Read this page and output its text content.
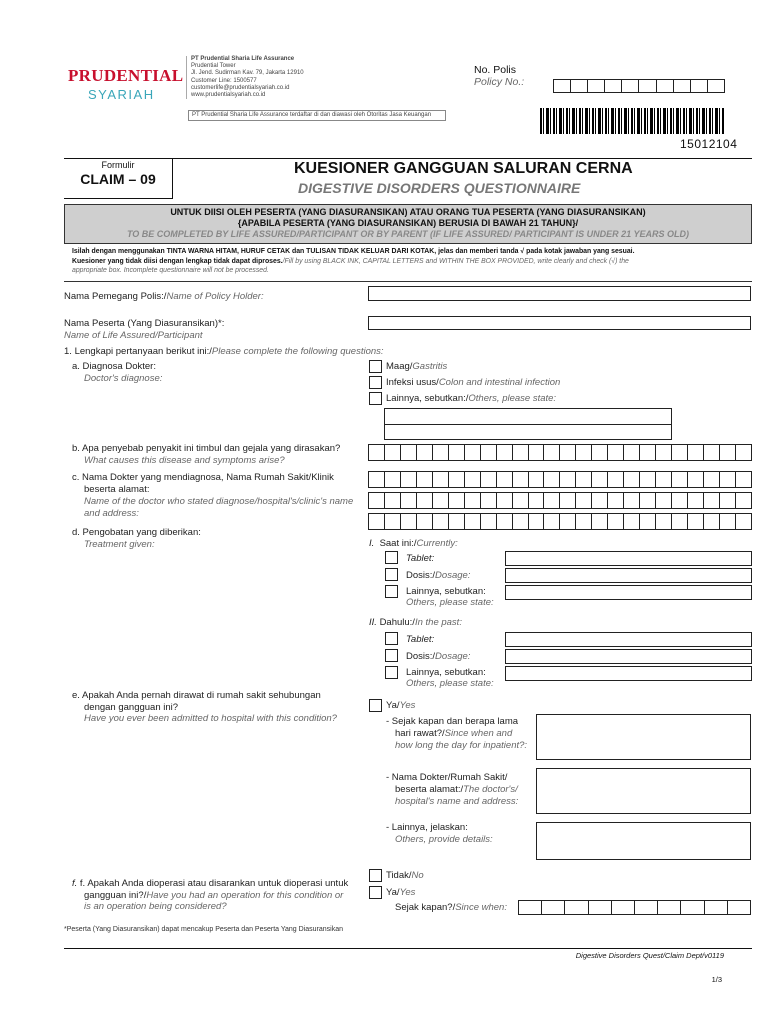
PRUDENTIAL
SYARIAH
PT Prudential Sharia Life Assurance
Prudential Tower
Jl. Jend. Sudirman Kav. 79, Jakarta 12910
Customer Line: 1500577
customerlife@prudentialsyariah.co.id
www.prudentialsyariah.co.id
PT Prudential Sharia Life Assurance terdaftar di dan diawasi oleh Otoritas Jasa Keuangan
No. Polis
Policy No.:
15012104
Formulir
CLAIM – 09
KUESIONER GANGGUAN SALURAN CERNA
DIGESTIVE DISORDERS QUESTIONNAIRE
UNTUK DIISI OLEH PESERTA (YANG DIASURANSIKAN) ATAU ORANG TUA PESERTA (YANG DIASURANSIKAN)
{APABILA PESERTA (YANG DIASURANSIKAN) BERUSIA DI BAWAH 21 TAHUN}/
TO BE COMPLETED BY LIFE ASSURED/PARTICIPANT OR BY PARENT (IF LIFE ASSURED/ PARTICIPANT IS UNDER 21 YEARS OLD)
Isilah dengan menggunakan TINTA WARNA HITAM, HURUF CETAK dan TULISAN TIDAK KELUAR DARI KOTAK, jelas dan memberi tanda √ pada kotak jawaban yang sesuai.
Kuesioner yang tidak diisi dengan lengkap tidak dapat diproses./Fill by using BLACK INK, CAPITAL LETTERS and WITHIN THE BOX PROVIDED, write clearly and check (√) the
appropriate box. Incomplete questionnaire will not be processed.
Nama Pemegang Polis:/Name of Policy Holder:
Nama Peserta (Yang Diasuransikan)*:
Name of Life Assured/Participant
1. Lengkapi pertanyaan berikut ini:/Please complete the following questions:
a. Diagnosa Dokter:
Doctor's diagnose:
Maag/Gastritis
Infeksi usus/Colon and intestinal infection
Lainnya, sebutkan:/Others, please state:
b. Apa penyebab penyakit ini timbul dan gejala yang dirasakan?
What causes this disease and symptoms arise?
c. Nama Dokter yang mendiagnosa, Nama Rumah Sakit/Klinik
beserta alamat:
Name of the doctor who stated diagnose/hospital's/clinic's name
and address:
d. Pengobatan yang diberikan:
Treatment given:	I. Saat ini:/Currently:
Tablet:
Dosis:/Dosage:
Lainnya, sebutkan:
Others, please state:
II. Dahulu:/In the past:
Tablet:
Dosis:/Dosage:
Lainnya, sebutkan:
Others, please state:
e. Apakah Anda pernah dirawat di rumah sakit sehubungan
dengan gangguan ini?
Have you ever been admitted to hospital with this condition?
Ya/Yes
- Sejak kapan dan berapa lama
hari rawat?/Since when and
how long the day for inpatient?:
- Nama Dokter/Rumah Sakit/
beserta alamat:/The doctor's/
hospital's name and address:
- Lainnya, jelaskan:
Others, provide details:
f. f. Apakah Anda dioperasi atau disarankan untuk dioperasi untuk
gangguan ini?/Have you had an operation for this condition or
is an operation being considered?
Tidak/No
Ya/Yes
Sejak kapan?/Since when:
*Peserta (Yang Diasuransikan) dapat mencakup Peserta dan Peserta Yang Diasuransikan
Digestive Disorders Quest/Claim Dept/v0119
1/3
